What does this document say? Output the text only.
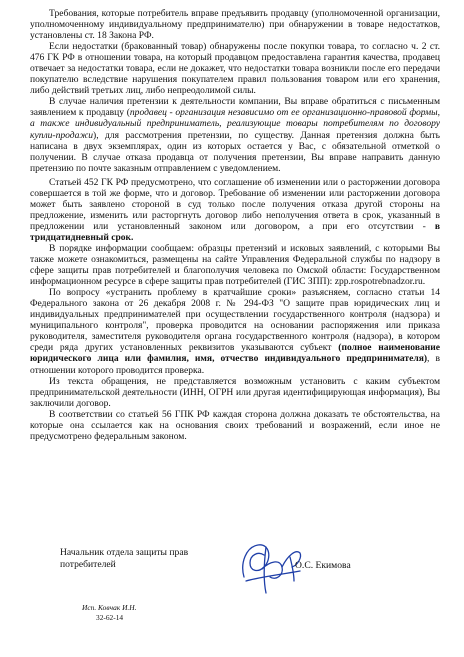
Требования, которые потребитель вправе предъявить продавцу (уполномоченной организации, уполномоченному индивидуальному предпринимателю) при обнаружении в товаре недостатков, установлены ст. 18 Закона РФ.

Если недостатки (бракованный товар) обнаружены после покупки товара, то согласно ч. 2 ст. 476 ГК РФ в отношении товара, на который продавцом предоставлена гарантия качества, продавец отвечает за недостатки товара, если не докажет, что недостатки товара возникли после его передачи покупателю вследствие нарушения покупателем правил пользования товаром или его хранения, либо действий третьих лиц, либо непреодолимой силы.

В случае наличия претензии к деятельности компании, Вы вправе обратиться с письменным заявлением к продавцу (продавец - организация независимо от ее организационно-правовой формы, а также индивидуальный предприниматель, реализующие товары потребителям по договору купли-продажи), для рассмотрения претензии, по существу. Данная претензия должна быть написана в двух экземплярах, один из которых остается у Вас, с обязательной отметкой о получении. В случае отказа продавца от получения претензии, Вы вправе направить данную претензию по почте заказным отправлением с уведомлением.

Статьей 452 ГК РФ предусмотрено, что соглашение об изменении или о расторжении договора совершается в той же форме, что и договор. Требование об изменении или расторжении договора может быть заявлено стороной в суд только после получения отказа другой стороны на предложение, изменить или расторгнуть договор либо неполучения ответа в срок, указанный в предложении или установленный законом или договором, а при его отсутствии - в тридцатидневный срок.

В порядке информации сообщаем: образцы претензий и исковых заявлений, с которыми Вы также можете ознакомиться, размещены на сайте Управления Федеральной службы по надзору в сфере защиты прав потребителей и благополучия человека по Омской области: Государственном информационном ресурсе в сфере защиты прав потребителей (ГИС ЗПП): zpp.rospotrebnadzor.ru.

По вопросу «устранить проблему в кратчайшие сроки» разъясняем, согласно статьи 14 Федерального закона от 26 декабря 2008 г. № 294-ФЗ "О защите прав юридических лиц и индивидуальных предпринимателей при осуществлении государственного контроля (надзора) и муниципального контроля", проверка проводится на основании распоряжения или приказа руководителя, заместителя руководителя органа государственного контроля (надзора), в котором среди ряда других установленных реквизитов указываются субъект (полное наименование юридического лица или фамилия, имя, отчество индивидуального предпринимателя), в отношении которого проводится проверка.

Из текста обращения, не представляется возможным установить с каким субъектом предпринимательской деятельности (ИНН, ОГРН или другая идентифицирующая информация), Вы заключили договор.

В соответствии со статьей 56 ГПК РФ каждая сторона должна доказать те обстоятельства, на которые она ссылается как на основания своих требований и возражений, если иное не предусмотрено федеральным законом.

Начальник отдела защиты прав
потребителей	О.С. Екимова
Исп. Ковчак И.Н.
32-62-14
